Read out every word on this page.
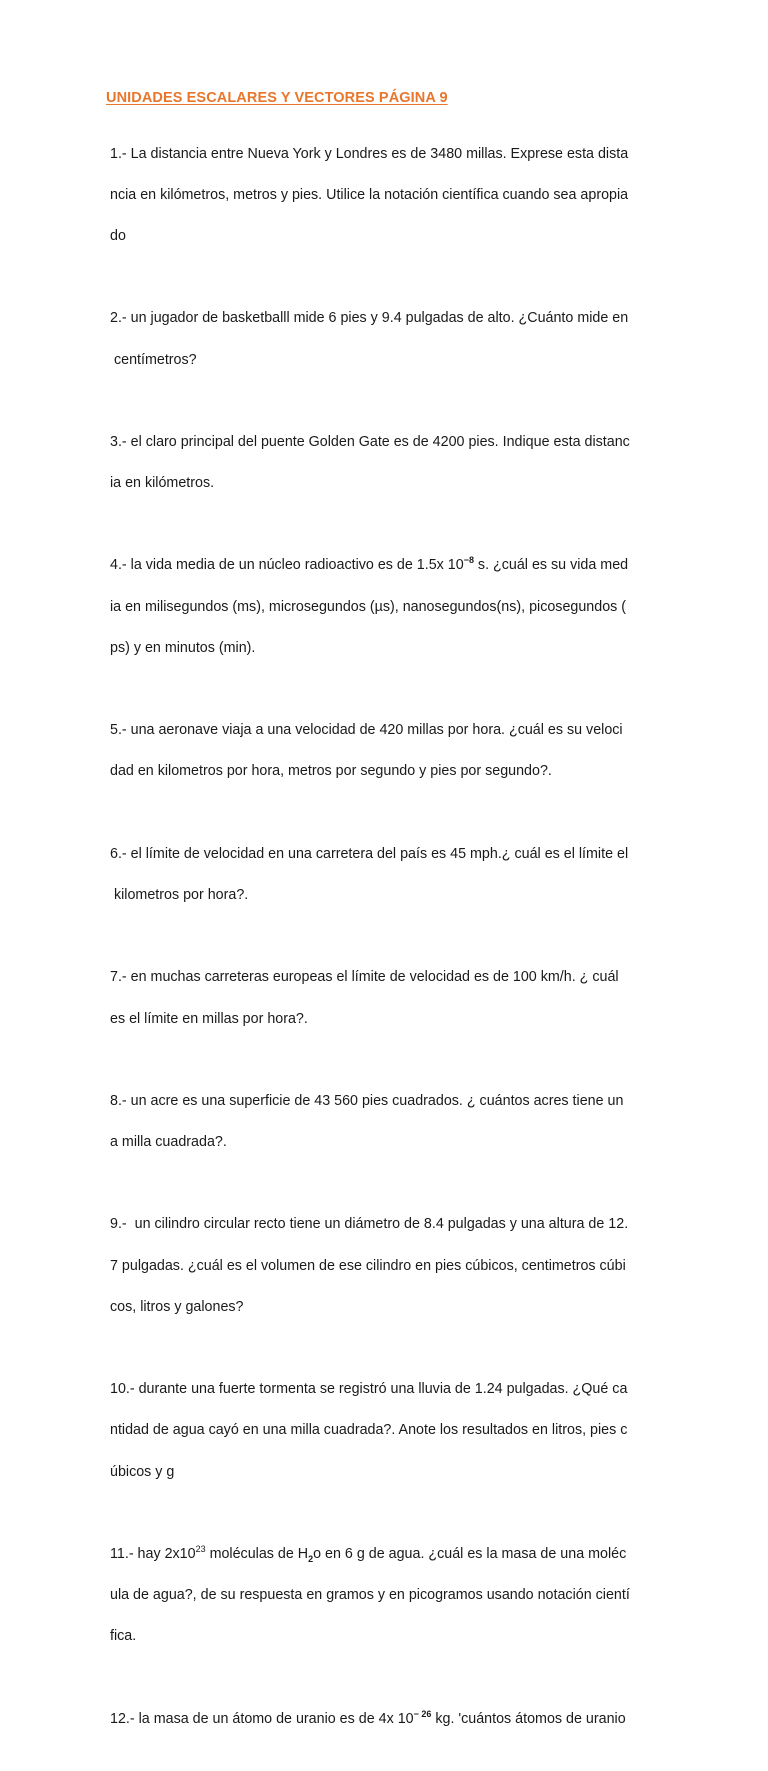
UNIDADES ESCALARES Y VECTORES PÁGINA 9

1.- La distancia entre Nueva York y Londres es de 3480 millas. Exprese esta dista

ncia en kilómetros, metros y pies. Utilice la notación científica cuando sea apropia

do

2.- un jugador de basketballl mide 6 pies y 9.4 pulgadas de alto. ¿Cuánto mide en

centímetros?

3.- el claro principal del puente Golden Gate es de 4200 pies. Indique esta distanc

ia en kilómetros.

4.- la vida media de un núcleo radioactivo es de 1.5x $10^{-8}$ s. ¿cuál es su vida med

ia en milisegundos (ms), microsegundos (µs), nanosegundos(ns), picosegundos (

ps) y en minutos (min).

5.- una aeronave viaja a una velocidad de 420 millas por hora. ¿cuál es su veloci

dad en kilometros por hora, metros por segundo y pies por segundo?.

6.- el límite de velocidad en una carretera del país es 45 mph.¿ cuál es el límite el

kilometros por hora?.

7.- en muchas carreteras europeas el límite de velocidad es de 100 km/h. ¿ cuál

es el límite en millas por hora?.

8.- un acre es una superficie de 43 560 pies cuadrados. ¿ cuántos acres tiene un

a milla cuadrada?.

9.-  un cilindro circular recto tiene un diámetro de 8.4 pulgadas y una altura de 12.

7 pulgadas. ¿cuál es el volumen de ese cilindro en pies cúbicos, centimetros cúbi

cos, litros y galones?

10.- durante una fuerte tormenta se registró una lluvia de 1.24 pulgadas. ¿Qué ca

ntidad de agua cayó en una milla cuadrada?. Anote los resultados en litros, pies c

úbicos y g

11.- hay $2x10^{23}$ moléculas de $H_2o$ en 6 g de agua. ¿cuál es la masa de una moléc

ula de agua?, de su respuesta en gramos y en picogramos usando notación cientí

fica.

12.- la masa de un átomo de uranio es de 4x $10^{- 26}$ kg. 'cuántos átomos de uranio
